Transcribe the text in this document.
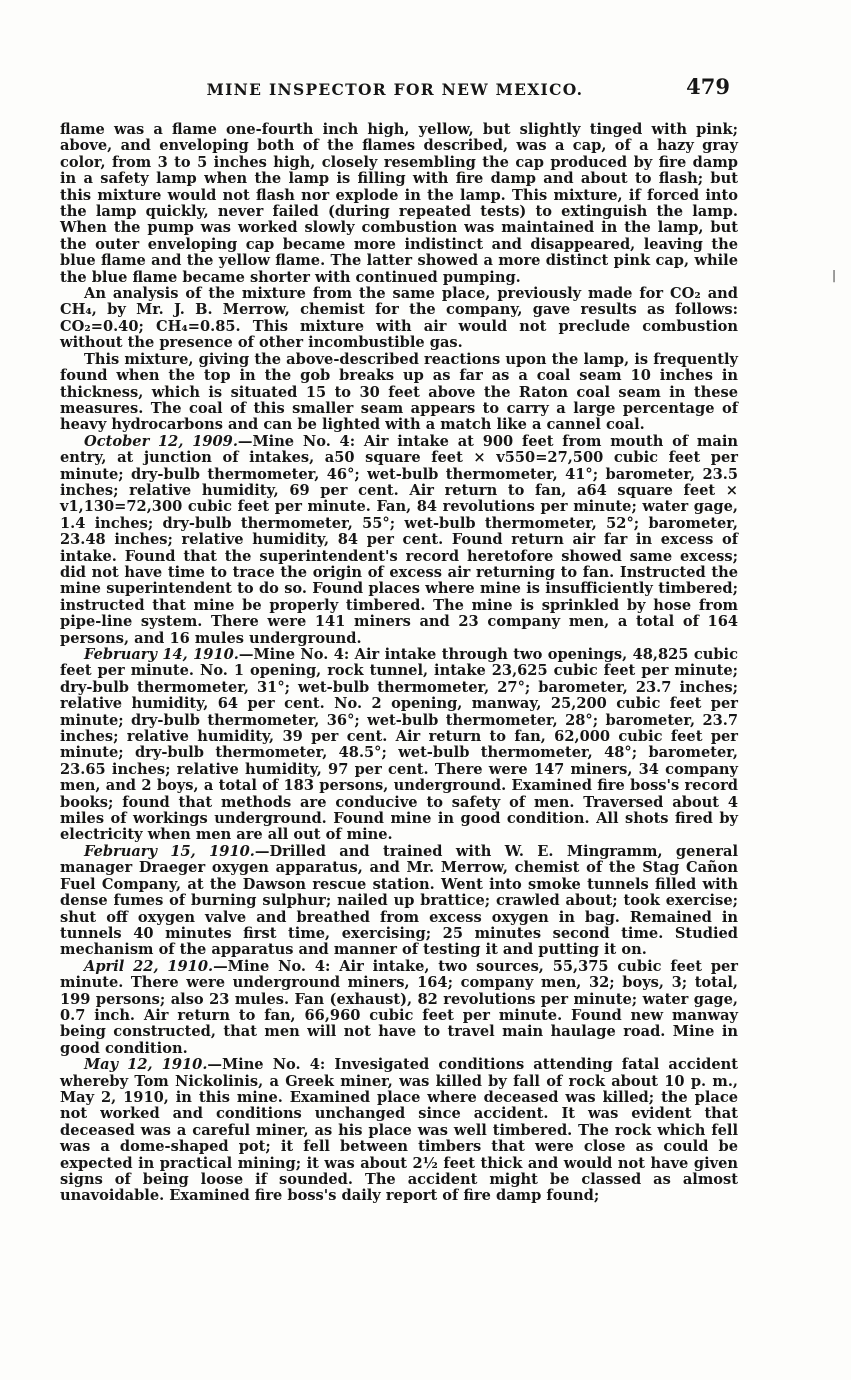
MINE INSPECTOR FOR NEW MEXICO.	479
|

flame was a flame one-fourth inch high, yellow, but slightly tinged with pink; above, and enveloping both of the flames described, was a cap, of a hazy gray color, from 3 to 5 inches high, closely resembling the cap produced by fire damp in a safety lamp when the lamp is filling with fire damp and about to flash; but this mixture would not flash nor explode in the lamp. This mixture, if forced into the lamp quickly, never failed (during repeated tests) to extinguish the lamp. When the pump was worked slowly combustion was maintained in the lamp, but the outer enveloping cap became more indistinct and disappeared, leaving the blue flame and the yellow flame. The latter showed a more distinct pink cap, while the blue flame became shorter with continued pumping.

An analysis of the mixture from the same place, previously made for CO₂ and CH₄, by Mr. J. B. Merrow, chemist for the company, gave results as follows: CO₂=0.40; CH₄=0.85. This mixture with air would not preclude combustion without the presence of other incombustible gas.

This mixture, giving the above-described reactions upon the lamp, is frequently found when the top in the gob breaks up as far as a coal seam 10 inches in thickness, which is situated 15 to 30 feet above the Raton coal seam in these measures. The coal of this smaller seam appears to carry a large percentage of heavy hydrocarbons and can be lighted with a match like a cannel coal.

October 12, 1909.—Mine No. 4: Air intake at 900 feet from mouth of main entry, at junction of intakes, a50 square feet × v550=27,500 cubic feet per minute; dry-bulb thermometer, 46°; wet-bulb thermometer, 41°; barometer, 23.5 inches; relative humidity, 69 per cent. Air return to fan, a64 square feet × v1,130=72,300 cubic feet per minute. Fan, 84 revolutions per minute; water gage, 1.4 inches; dry-bulb thermometer, 55°; wet-bulb thermometer, 52°; barometer, 23.48 inches; relative humidity, 84 per cent. Found return air far in excess of intake. Found that the superintendent's record heretofore showed same excess; did not have time to trace the origin of excess air returning to fan. Instructed the mine superintendent to do so. Found places where mine is insufficiently timbered; instructed that mine be properly timbered. The mine is sprinkled by hose from pipe-line system. There were 141 miners and 23 company men, a total of 164 persons, and 16 mules underground.

February 14, 1910.—Mine No. 4: Air intake through two openings, 48,825 cubic feet per minute. No. 1 opening, rock tunnel, intake 23,625 cubic feet per minute; dry-bulb thermometer, 31°; wet-bulb thermometer, 27°; barometer, 23.7 inches; relative humidity, 64 per cent. No. 2 opening, manway, 25,200 cubic feet per minute; dry-bulb thermometer, 36°; wet-bulb thermometer, 28°; barometer, 23.7 inches; relative humidity, 39 per cent. Air return to fan, 62,000 cubic feet per minute; dry-bulb thermometer, 48.5°; wet-bulb thermometer, 48°; barometer, 23.65 inches; relative humidity, 97 per cent. There were 147 miners, 34 company men, and 2 boys, a total of 183 persons, underground. Examined fire boss's record books; found that methods are conducive to safety of men. Traversed about 4 miles of workings underground. Found mine in good condition. All shots fired by electricity when men are all out of mine.

February 15, 1910.—Drilled and trained with W. E. Mingramm, general manager Draeger oxygen apparatus, and Mr. Merrow, chemist of the Stag Cañon Fuel Company, at the Dawson rescue station. Went into smoke tunnels filled with dense fumes of burning sulphur; nailed up brattice; crawled about; took exercise; shut off oxygen valve and breathed from excess oxygen in bag. Remained in tunnels 40 minutes first time, exercising; 25 minutes second time. Studied mechanism of the apparatus and manner of testing it and putting it on.

April 22, 1910.—Mine No. 4: Air intake, two sources, 55,375 cubic feet per minute. There were underground miners, 164; company men, 32; boys, 3; total, 199 persons; also 23 mules. Fan (exhaust), 82 revolutions per minute; water gage, 0.7 inch. Air return to fan, 66,960 cubic feet per minute. Found new manway being constructed, that men will not have to travel main haulage road. Mine in good condition.

May 12, 1910.—Mine No. 4: Invesigated conditions attending fatal accident whereby Tom Nickolinis, a Greek miner, was killed by fall of rock about 10 p. m., May 2, 1910, in this mine. Examined place where deceased was killed; the place not worked and conditions unchanged since accident. It was evident that deceased was a careful miner, as his place was well timbered. The rock which fell was a dome-shaped pot; it fell between timbers that were close as could be expected in practical mining; it was about 2½ feet thick and would not have given signs of being loose if sounded. The accident might be classed as almost unavoidable. Examined fire boss's daily report of fire damp found;
